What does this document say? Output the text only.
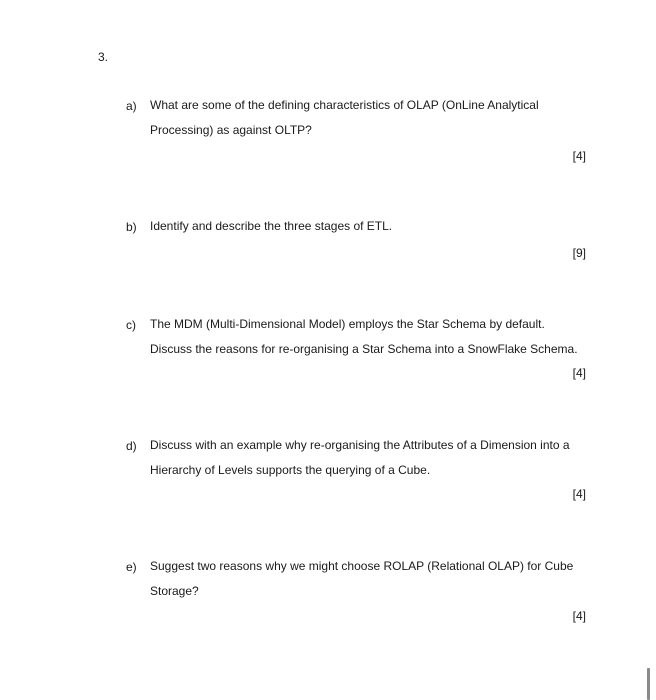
3.
a) What are some of the defining characteristics of OLAP (OnLine Analytical
Processing) as against OLTP?
[4]
b) Identify and describe the three stages of ETL.
[9]
c) The MDM (Multi-Dimensional Model) employs the Star Schema by default.
Discuss the reasons for re-organising a Star Schema into a SnowFlake Schema.
[4]
d) Discuss with an example why re-organising the Attributes of a Dimension into a
Hierarchy of Levels supports the querying of a Cube.
[4]
e) Suggest two reasons why we might choose ROLAP (Relational OLAP) for Cube
Storage?
[4]
